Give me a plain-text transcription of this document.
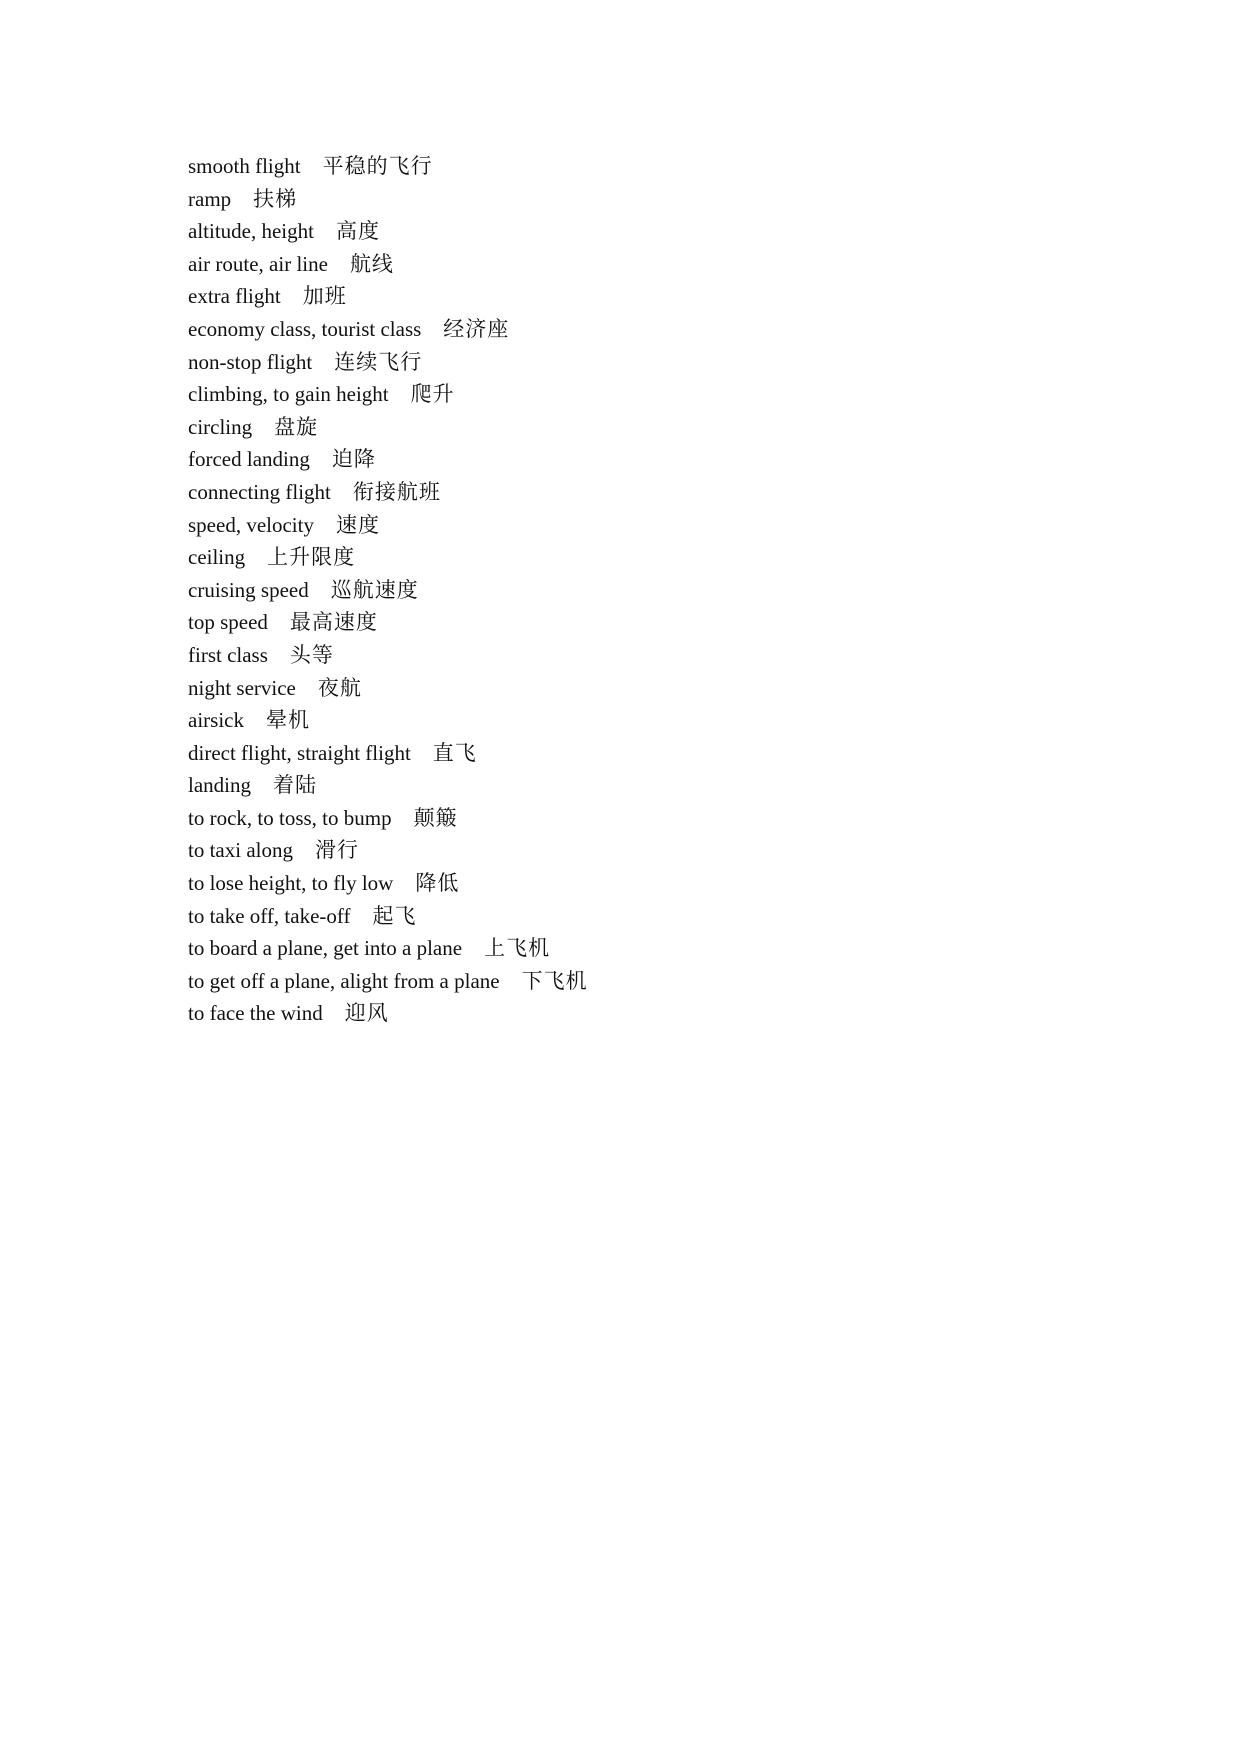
smooth flight 平稳的飞行
ramp 扶梯
altitude, height 高度
air route, air line 航线
extra flight 加班
economy class, tourist class 经济座
non-stop flight 连续飞行
climbing, to gain height 爬升
circling 盘旋
forced landing 迫降
connecting flight 衔接航班
speed, velocity 速度
ceiling 上升限度
cruising speed 巡航速度
top speed 最高速度
first class 头等
night service 夜航
airsick 晕机
direct flight, straight flight 直飞
landing 着陆
to rock, to toss, to bump 颠簸
to taxi along 滑行
to lose height, to fly low 降低
to take off, take-off 起飞
to board a plane, get into a plane 上飞机
to get off a plane, alight from a plane 下飞机
to face the wind 迎风
